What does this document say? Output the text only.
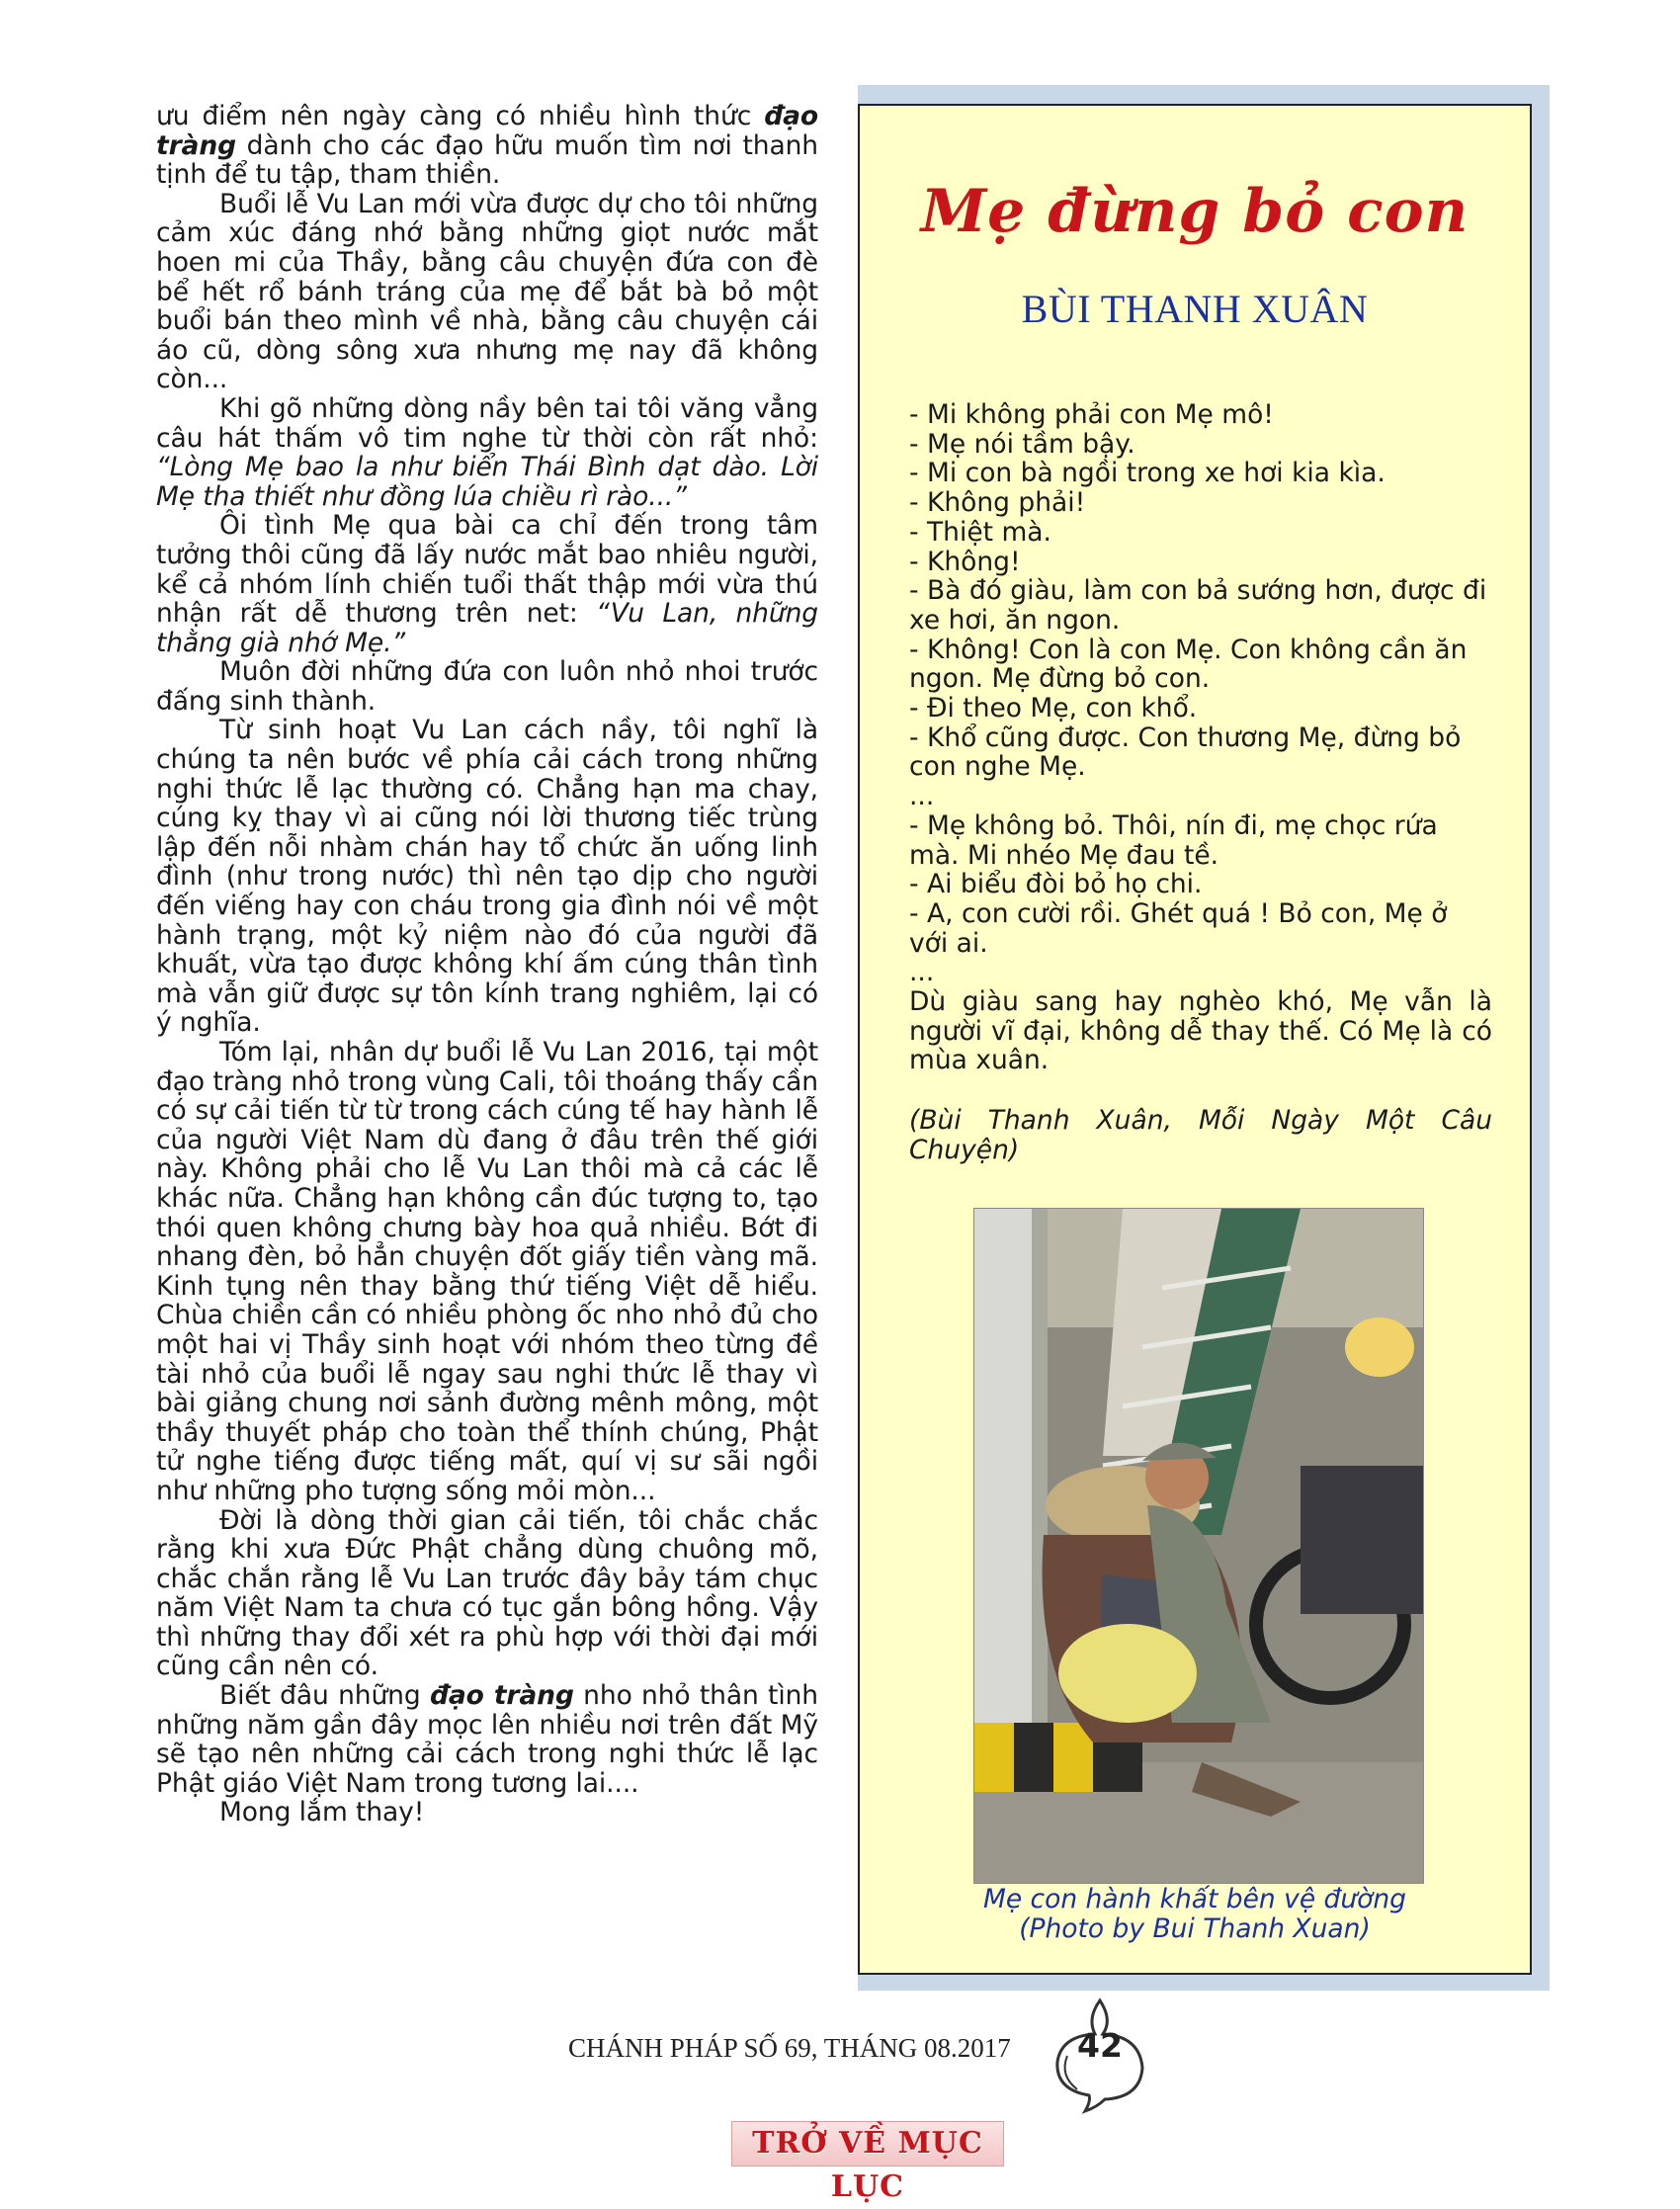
ưu điểm nên ngày càng có nhiều hình thức đạo tràng dành cho các đạo hữu muốn tìm nơi thanh tịnh để tu tập, tham thiền.

Buổi lễ Vu Lan mới vừa được dự cho tôi những cảm xúc đáng nhớ bằng những giọt nước mắt hoen mi của Thầy, bằng câu chuyện đứa con đè bể hết rổ bánh tráng của mẹ để bắt bà bỏ một buổi bán theo mình về nhà, bằng câu chuyện cái áo cũ, dòng sông xưa nhưng mẹ nay đã không còn...

Khi gõ những dòng nầy bên tai tôi văng vẳng câu hát thấm vô tim nghe từ thời còn rất nhỏ: “Lòng Mẹ bao la như biển Thái Bình dạt dào. Lời Mẹ tha thiết như đồng lúa chiều rì rào...”

Ôi tình Mẹ qua bài ca chỉ đến trong tâm tưởng thôi cũng đã lấy nước mắt bao nhiêu người, kể cả nhóm lính chiến tuổi thất thập mới vừa thú nhận rất dễ thương trên net: “Vu Lan, những thằng già nhớ Mẹ.”

Muôn đời những đứa con luôn nhỏ nhoi trước đấng sinh thành.

Từ sinh hoạt Vu Lan cách nầy, tôi nghĩ là chúng ta nên bước về phía cải cách trong những nghi thức lễ lạc thường có. Chẳng hạn ma chay, cúng kỵ thay vì ai cũng nói lời thương tiếc trùng lập đến nỗi nhàm chán hay tổ chức ăn uống linh đình (như trong nước) thì nên tạo dịp cho người đến viếng hay con cháu trong gia đình nói về một hành trạng, một kỷ niệm nào đó của người đã khuất, vừa tạo được không khí ấm cúng thân tình mà vẫn giữ được sự tôn kính trang nghiêm, lại có ý nghĩa.

Tóm lại, nhân dự buổi lễ Vu Lan 2016, tại một đạo tràng nhỏ trong vùng Cali, tôi thoáng thấy cần có sự cải tiến từ từ trong cách cúng tế hay hành lễ của người Việt Nam dù đang ở đâu trên thế giới này. Không phải cho lễ Vu Lan thôi mà cả các lễ khác nữa. Chẳng hạn không cần đúc tượng to, tạo thói quen không chưng bày hoa quả nhiều. Bớt đi nhang đèn, bỏ hẳn chuyện đốt giấy tiền vàng mã. Kinh tụng nên thay bằng thứ tiếng Việt dễ hiểu. Chùa chiền cần có nhiều phòng ốc nho nhỏ đủ cho một hai vị Thầy sinh hoạt với nhóm theo từng đề tài nhỏ của buổi lễ ngay sau nghi thức lễ thay vì bài giảng chung nơi sảnh đường mênh mông, một thầy thuyết pháp cho toàn thể thính chúng, Phật tử nghe tiếng được tiếng mất, quí vị sư sãi ngồi như những pho tượng sống mỏi mòn...

Đời là dòng thời gian cải tiến, tôi chắc chắc rằng khi xưa Đức Phật chẳng dùng chuông mõ, chắc chắn rằng lễ Vu Lan trước đây bảy tám chục năm Việt Nam ta chưa có tục gắn bông hồng. Vậy thì những thay đổi xét ra phù hợp với thời đại mới cũng cần nên có.

Biết đâu những đạo tràng nho nhỏ thân tình những năm gần đây mọc lên nhiều nơi trên đất Mỹ sẽ tạo nên những cải cách trong nghi thức lễ lạc Phật giáo Việt Nam trong tương lai....

Mong lắm thay!

Mẹ đừng bỏ con
BÙI THANH XUÂN

- Mi không phải con Mẹ mô!

- Mẹ nói tầm bậy.

- Mi con bà ngồi trong xe hơi kia kìa.

- Không phải!

- Thiệt mà.

- Không!

- Bà đó giàu, làm con bả sướng hơn, được đi xe hơi, ăn ngon.

- Không! Con là con Mẹ. Con không cần ăn ngon. Mẹ đừng bỏ con.

- Đi theo Mẹ, con khổ.

- Khổ cũng được. Con thương Mẹ, đừng bỏ con nghe Mẹ.

...

- Mẹ không bỏ. Thôi, nín đi, mẹ chọc rứa mà. Mi nhéo Mẹ đau tề.

- Ai biểu đòi bỏ họ chi.

- A, con cười rồi. Ghét quá ! Bỏ con, Mẹ ở với ai.

...

Dù giàu sang hay nghèo khó, Mẹ vẫn là người vĩ đại, không dễ thay thế. Có Mẹ là có mùa xuân.

(Bùi Thanh Xuân, Mỗi Ngày Một Câu Chuyện)
Mẹ con hành khất bên vệ đường
(Photo by Bui Thanh Xuan)
CHÁNH PHÁP SỐ 69, THÁNG 08.2017 42
TRỞ VỀ MỤC LỤC
